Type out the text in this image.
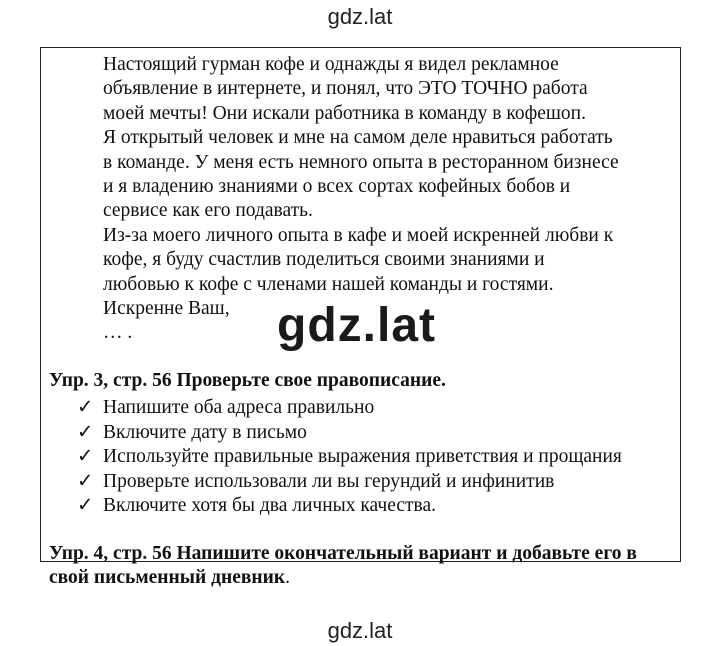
gdz.lat

Настоящий гурман кофе и однажды я видел рекламное

объявление в интернете, и понял, что ЭТО ТОЧНО работа

моей мечты! Они искали работника в команду в кофешоп.

Я открытый человек и мне на самом деле нравиться работать

в команде. У меня есть немного опыта в ресторанном бизнесе

и я владению знаниями о всех сортах кофейных бобов и

сервисе как его подавать.

Из-за моего личного опыта в кафе и моей искренней любви к

кофе, я буду счастлив поделиться своими знаниями и

любовью к кофе с членами нашей команды и гостями.

Искренне Ваш,

… .

Упр. 3, стр. 56 Проверьте свое правописание.
✓ Напишите оба адреса правильно
✓ Включите дату в письмо
✓ Используйте правильные выражения приветствия и прощания
✓ Проверьте использовали ли вы герундий и инфинитив
✓ Включите хотя бы два личных качества.
Упр. 4, стр. 56 Напишите окончательный вариант и добавьте его в свой письменный дневник.
gdz.lat
gdz.lat
